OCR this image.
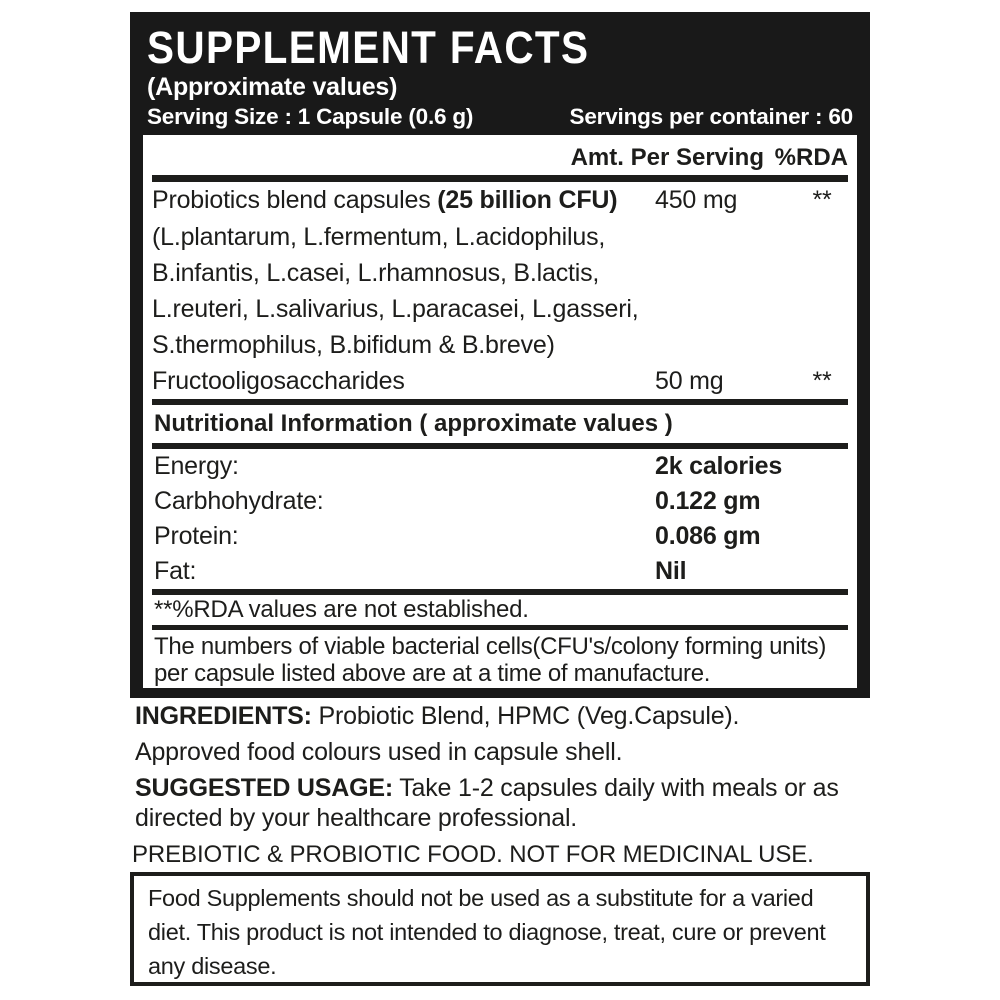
SUPPLEMENT FACTS
(Approximate values)
Serving Size : 1 Capsule (0.6 g)	Servings per container : 60
Amt. Per Serving %RDA
Probiotics blend capsules (25 billion CFU) 450 mg	**
(L.plantarum, L.fermentum, L.acidophilus,
B.infantis, L.casei, L.rhamnosus, B.lactis,
L.reuteri, L.salivarius, L.paracasei, L.gasseri,
S.thermophilus, B.bifidum & B.breve)
Fructooligosaccharides	50 mg	**
Nutritional Information ( approximate values )
Energy:	2k calories
Carbhohydrate:	0.122 gm
Protein:	0.086 gm
Fat:	Nil
**%RDA values are not established.
The numbers of viable bacterial cells(CFU's/colony forming units) per capsule listed above are at a time of manufacture.
INGREDIENTS: Probiotic Blend, HPMC (Veg.Capsule).
Approved food colours used in capsule shell.
SUGGESTED USAGE: Take 1-2 capsules daily with meals or as directed by your healthcare professional.
PREBIOTIC & PROBIOTIC FOOD. NOT FOR MEDICINAL USE.
Food Supplements should not be used as a substitute for a varied diet. This product is not intended to diagnose, treat, cure or prevent any disease.
